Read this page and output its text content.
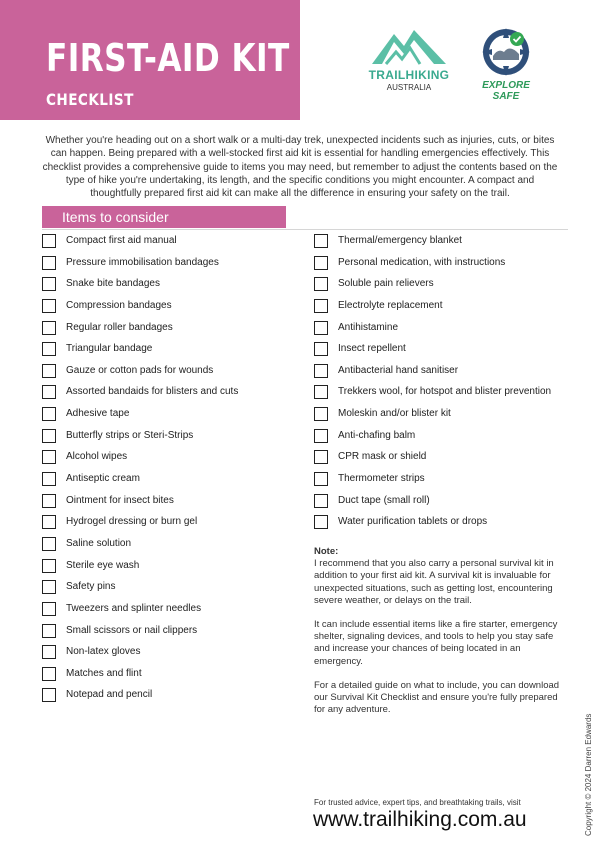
FIRST-AID KIT
CHECKLIST
TRAILHIKING
AUSTRALIA	EXPLORE SAFE
Whether you're heading out on a short walk or a multi-day trek, unexpected incidents such as injuries, cuts, or bites can happen. Being prepared with a well-stocked first aid kit is essential for handling emergencies effectively. This checklist provides a comprehensive guide to items you may need, but remember to adjust the contents based on the type of hike you're undertaking, its length, and the specific conditions you might encounter. A compact and thoughtfully prepared first aid kit can make all the difference in ensuring your safety on the trail.
Items to consider
Compact first aid manual
Pressure immobilisation bandages
Snake bite bandages
Compression bandages
Regular roller bandages
Triangular bandage
Gauze or cotton pads for wounds
Assorted bandaids for blisters and cuts
Adhesive tape
Butterfly strips or Steri-Strips
Alcohol wipes
Antiseptic cream
Ointment for insect bites
Hydrogel dressing or burn gel
Saline solution
Sterile eye wash
Safety pins
Tweezers and splinter needles
Small scissors or nail clippers
Non-latex gloves
Matches and flint
Notepad and pencil
Thermal/emergency blanket
Personal medication, with instructions
Soluble pain relievers
Electrolyte replacement
Antihistamine
Insect repellent
Antibacterial hand sanitiser
Trekkers wool, for hotspot and blister prevention
Moleskin and/or blister kit
Anti-chafing balm
CPR mask or shield
Thermometer strips
Duct tape (small roll)
Water purification tablets or drops
Note:

I recommend that you also carry a personal survival kit in addition to your first aid kit. A survival kit is invaluable for unexpected situations, such as getting lost, encountering severe weather, or delays on the trail.

It can include essential items like a fire starter, emergency shelter, signaling devices, and tools to help you stay safe and increase your chances of being located in an emergency.

For a detailed guide on what to include, you can download our Survival Kit Checklist and ensure you're fully prepared for any adventure.

For trusted advice, expert tips, and breathtaking trails, visit
www.trailhiking.com.au	Copyright © 2024 Darren Edwards
